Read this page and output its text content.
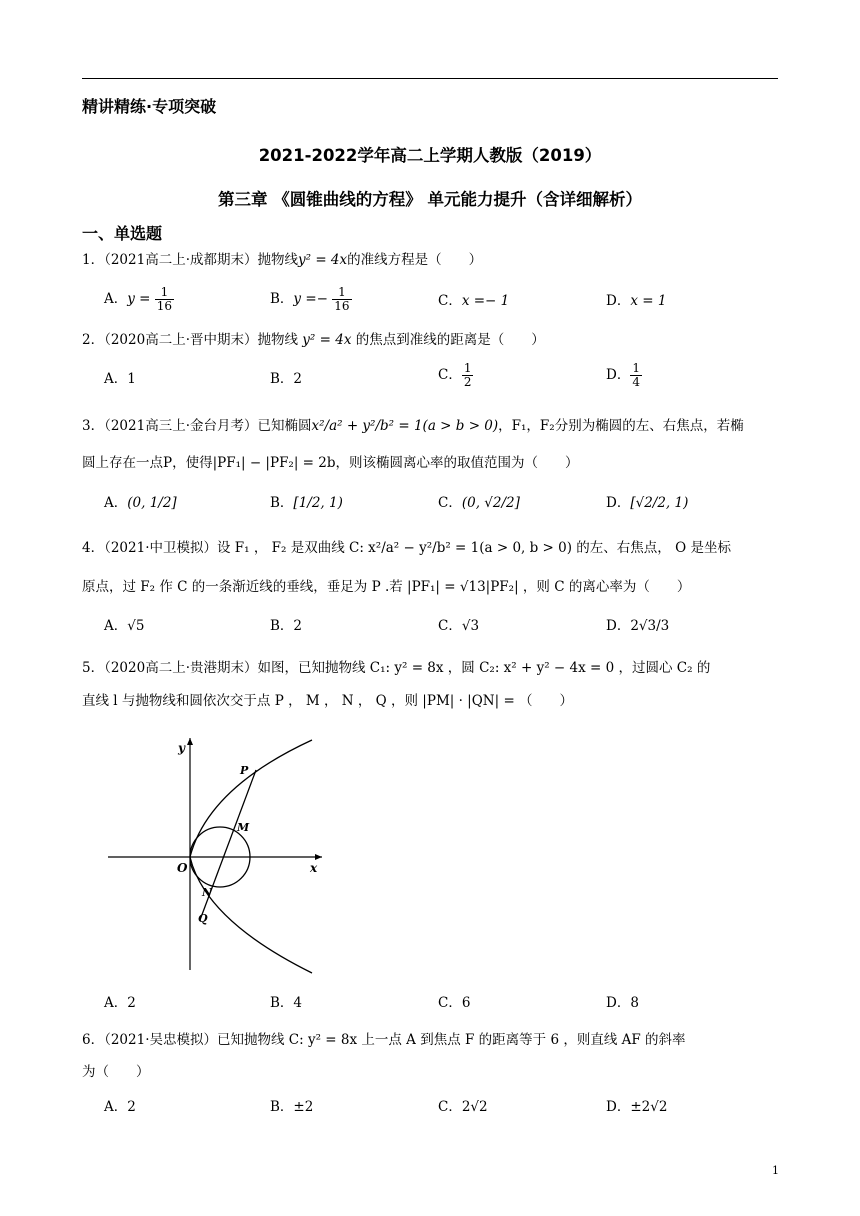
精讲精练·专项突破
2021-2022学年高二上学期人教版（2019）
第三章 《圆锥曲线的方程》 单元能力提升（含详细解析）
一、单选题
1．（2021高二上·成都期末）抛物线y² = 4x的准线方程是（　　）
A．$y = \frac{1}{16}$	B．$y =- \frac{1}{16}$	C．x =− 1	D．x = 1
2．（2020高二上·晋中期末）抛物线 y² = 4x 的焦点到准线的距离是（　　）
A．1	B．2	C． $\frac{1}{2}$	D． $\frac{1}{4}$
3．（2021高三上·金台月考）已知椭圆x²/a² + y²/b² = 1(a > b > 0)，F₁，F₂分别为椭圆的左、右焦点，若椭
圆上存在一点P，使得|PF₁| − |PF₂| = 2b，则该椭圆离心率的取值范围为（　　）
A．(0, 1/2]	B．[1/2, 1)	C．(0, √2/2]	D．[√2/2, 1)
4．（2021·中卫模拟）设 F₁ ， F₂ 是双曲线 C: x²/a² − y²/b² = 1(a > 0, b > 0) 的左、右焦点， O 是坐标
原点，过 F₂ 作 C 的一条渐近线的垂线，垂足为 P .若 |PF₁| = √13|PF₂| ，则 C 的离心率为（　　）
A．√5	B．2	C．√3	D．2√3/3
5．（2020高二上·贵港期末）如图，已知抛物线 C₁: y² = 8x ，圆 C₂: x² + y² − 4x = 0 ，过圆心 C₂ 的
直线 l 与抛物线和圆依次交于点 P ， M ， N ， Q ，则 |PM| · |QN| = （　　）
y
x
O
P
M
N
Q
A．2	B．4	C．6	D．8
6．（2021·吴忠模拟）已知抛物线 C: y² = 8x 上一点 A 到焦点 F 的距离等于 6 ，则直线 AF 的斜率
为（　　）
A．2	B．±2	C．2√2	D．±2√2
1
